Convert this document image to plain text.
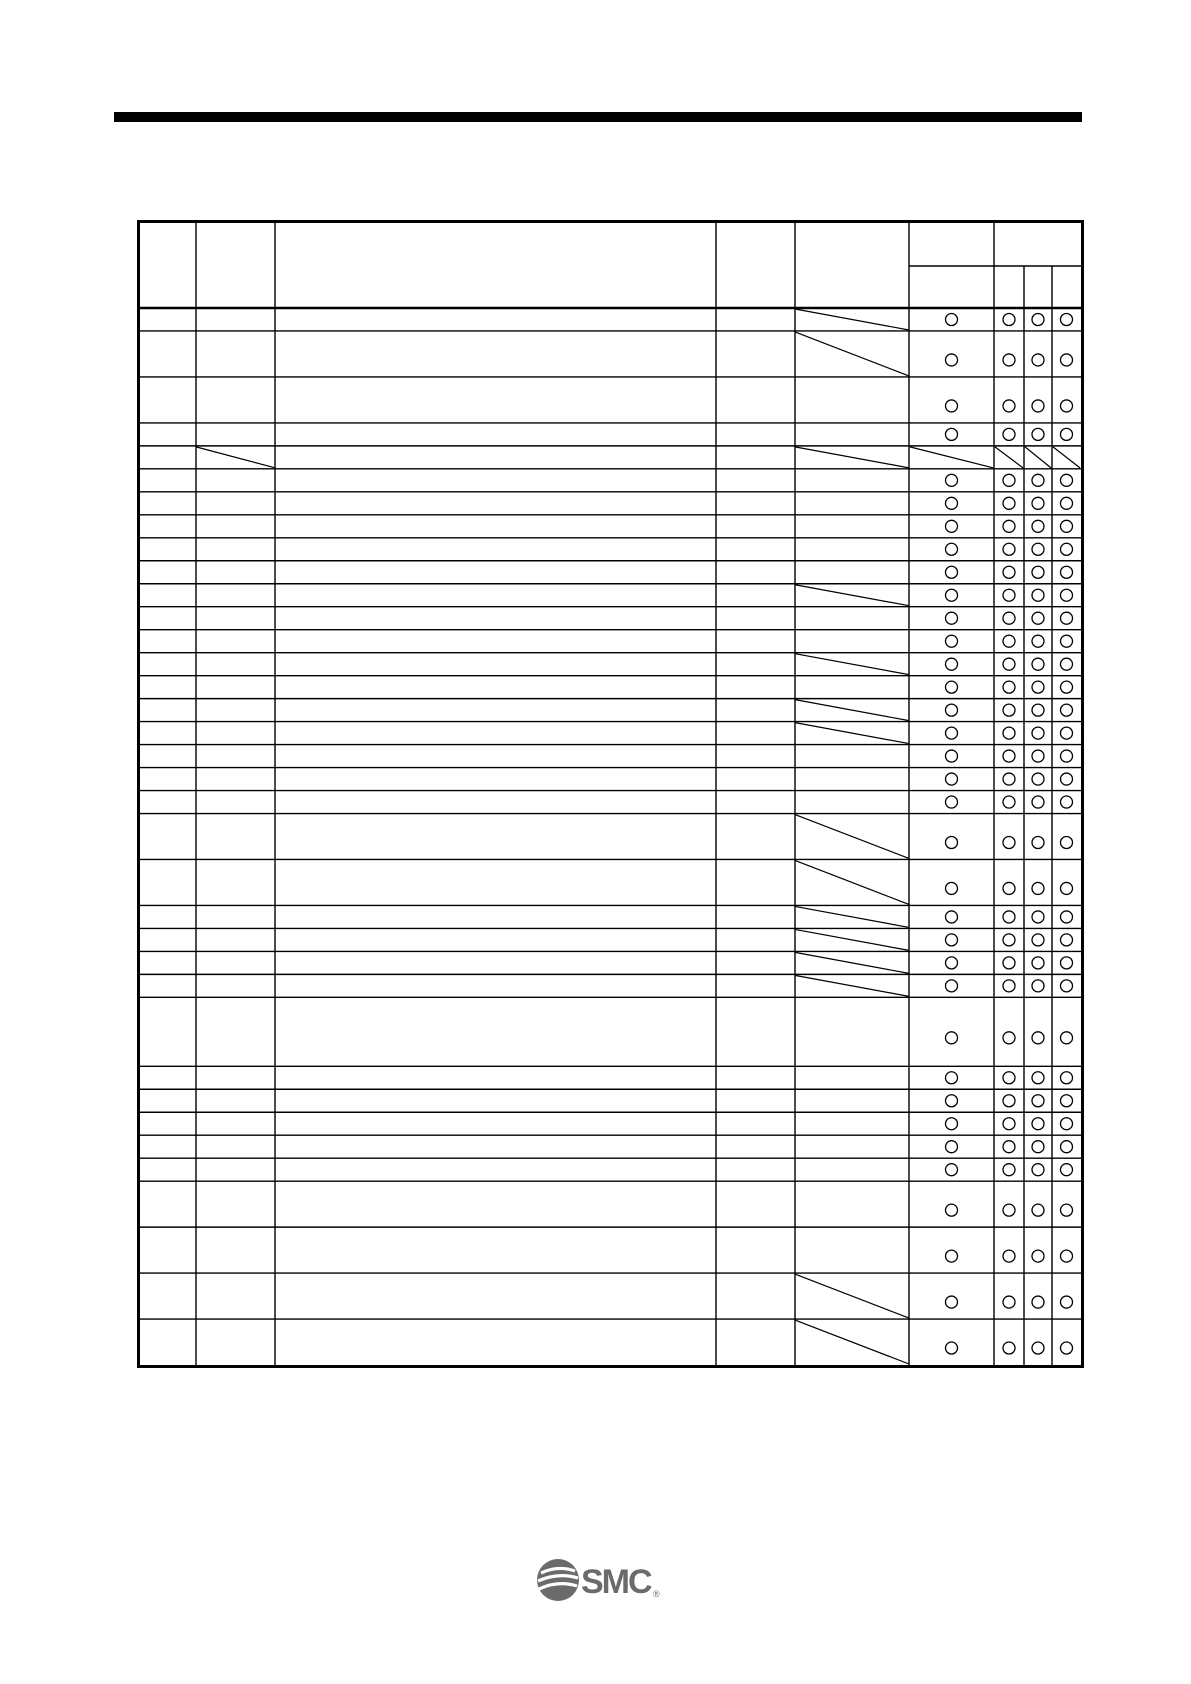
SMC ®
